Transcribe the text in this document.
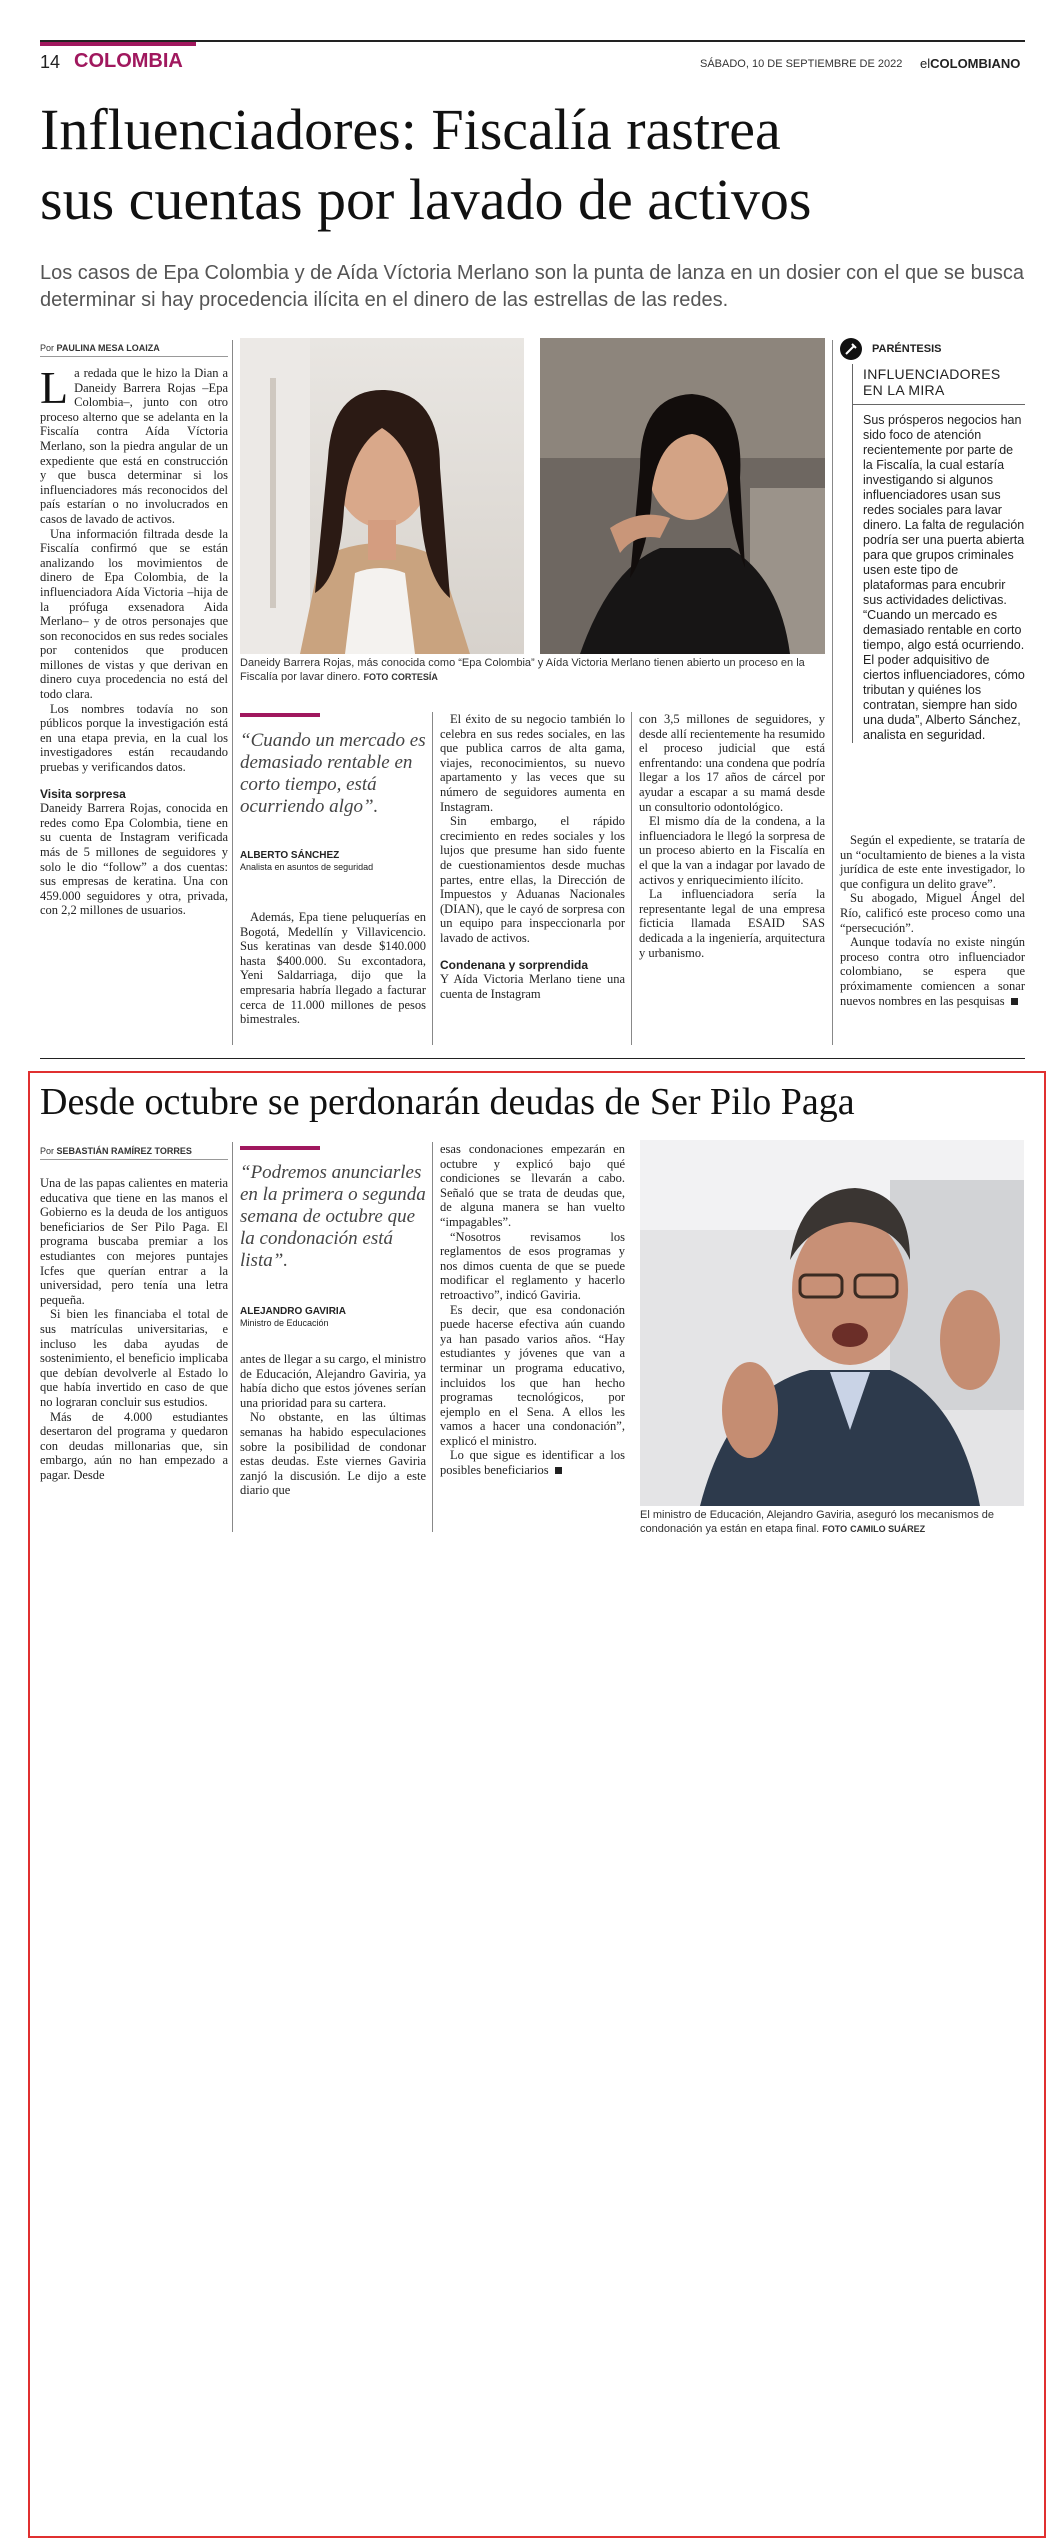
14 COLOMBIA	SÁBADO, 10 DE SEPTIEMBRE DE 2022 elCOLOMBIANO
Influenciadores: Fiscalía rastrea
sus cuentas por lavado de activos
Los casos de Epa Colombia y de Aída Víctoria Merlano son la punta de lanza en un dosier con el que se busca determinar si hay procedencia ilícita en el dinero de las estrellas de las redes.
Por PAULINA MESA LOAIZA

La redada que le hizo la Dian a Daneidy Barrera Rojas –Epa Colombia–, junto con otro proceso alterno que se adelanta en la Fiscalía contra Aída Víctoria Merlano, son la piedra angular de un expediente que está en construcción y que busca determinar si los influenciadores más reconocidos del país estarían o no involucrados en casos de lavado de activos.

Una información filtrada desde la Fiscalía confirmó que se están analizando los movimientos de dinero de Epa Colombia, de la influenciadora Aída Victoria –hija de la prófuga exsenadora Aida Merlano– y de otros personajes que son reconocidos en sus redes sociales por contenidos que producen millones de vistas y que derivan en dinero cuya procedencia no está del todo clara.

Los nombres todavía no son públicos porque la investigación está en una etapa previa, en la cual los investigadores están recaudando pruebas y verificandos datos.

Visita sorpresa

Daneidy Barrera Rojas, conocida en redes como Epa Colombia, tiene en su cuenta de Instagram verificada más de 5 millones de seguidores y solo le dio “follow” a dos cuentas: sus empresas de keratina. Una con 459.000 seguidores y otra, privada, con 2,2 millones de usuarios.

Daneidy Barrera Rojas, más conocida como “Epa Colombia” y Aída Victoria Merlano tienen abierto un proceso en la Fiscalía por lavar dinero. FOTO CORTESÍA
“Cuando un mercado es demasiado rentable en corto tiempo, está ocurriendo algo”.
ALBERTO SÁNCHEZ
Analista en asuntos de seguridad

Además, Epa tiene peluquerías en Bogotá, Medellín y Villavicencio. Sus keratinas van desde $140.000 hasta $400.000. Su excontadora, Yeni Saldarriaga, dijo que la empresaria habría llegado a facturar cerca de 11.000 millones de pesos bimestrales.

El éxito de su negocio también lo celebra en sus redes sociales, en las que publica carros de alta gama, viajes, reconocimientos, su nuevo apartamento y las veces que su número de seguidores aumenta en Instagram.

Sin embargo, el rápido crecimiento en redes sociales y los lujos que presume han sido fuente de cuestionamientos desde muchas partes, entre ellas, la Dirección de Impuestos y Aduanas Nacionales (DIAN), que le cayó de sorpresa con un equipo para inspeccionarla por lavado de activos.

Condenana y sorprendida

Y Aída Victoria Merlano tiene una cuenta de Instagram

con 3,5 millones de seguidores, y desde allí recientemente ha resumido el proceso judicial que está enfrentando: una condena que podría llegar a los 17 años de cárcel por ayudar a escapar a su mamá desde un consultorio odontológico.

El mismo día de la condena, a la influenciadora le llegó la sorpresa de un proceso abierto en la Fiscalía en el que la van a indagar por lavado de activos y enriquecimiento ilícito.

La influenciadora sería la representante legal de una empresa ficticia llamada ESAID SAS dedicada a la ingeniería, arquitectura y urbanismo.

PARÉNTESIS
INFLUENCIADORES
EN LA MIRA
Sus prósperos negocios han sido foco de atención recientemente por parte de la Fiscalía, la cual estaría investigando si algunos influenciadores usan sus redes sociales para lavar dinero. La falta de regulación podría ser una puerta abierta para que grupos criminales usen este tipo de plataformas para encubrir sus actividades delictivas. “Cuando un mercado es demasiado rentable en corto tiempo, algo está ocurriendo. El poder adquisitivo de ciertos influenciadores, cómo tributan y quiénes los contratan, siempre han sido una duda”, Alberto Sánchez, analista en seguridad.

Según el expediente, se trataría de un “ocultamiento de bienes a la vista jurídica de este ente investigador, lo que configura un delito grave”.

Su abogado, Miguel Ángel del Río, calificó este proceso como una “persecución”.

Aunque todavía no existe ningún proceso contra otro influenciador colombiano, se espera que próximamente comiencen a sonar nuevos nombres en las pesquisas

Desde octubre se perdonarán deudas de Ser Pilo Paga
Por SEBASTIÁN RAMÍREZ TORRES

Una de las papas calientes en materia educativa que tiene en las manos el Gobierno es la deuda de los antiguos beneficiarios de Ser Pilo Paga. El programa buscaba premiar a los estudiantes con mejores puntajes Icfes que querían entrar a la universidad, pero tenía una letra pequeña.

Si bien les financiaba el total de sus matrículas universitarias, e incluso les daba ayudas de sostenimiento, el beneficio implicaba que debían devolverle al Estado lo que había invertido en caso de que no lograran concluir sus estudios.

Más de 4.000 estudiantes desertaron del programa y quedaron con deudas millonarias que, sin embargo, aún no han empezado a pagar. Desde

“Podremos anunciarles en la primera o segunda semana de octubre que la condonación está lista”.
ALEJANDRO GAVIRIA
Ministro de Educación

antes de llegar a su cargo, el ministro de Educación, Alejandro Gaviria, ya había dicho que estos jóvenes serían una prioridad para su cartera.

No obstante, en las últimas semanas ha habido especulaciones sobre la posibilidad de condonar estas deudas. Este viernes Gaviria zanjó la discusión. Le dijo a este diario que

esas condonaciones empezarán en octubre y explicó bajo qué condiciones se llevarán a cabo. Señaló que se trata de deudas que, de alguna manera se han vuelto “impagables”.

“Nosotros revisamos los reglamentos de esos programas y nos dimos cuenta de que se puede modificar el reglamento y hacerlo retroactivo”, indicó Gaviria.

Es decir, que esa condonación puede hacerse efectiva aún cuando ya han pasado varios años. “Hay estudiantes y jóvenes que van a terminar un programa educativo, incluidos los que han hecho programas tecnológicos, por ejemplo en el Sena. A ellos les vamos a hacer una condonación”, explicó el ministro.

Lo que sigue es identificar a los posibles beneficiarios

El ministro de Educación, Alejandro Gaviria, aseguró los mecanismos de condonación ya están en etapa final. FOTO CAMILO SUÁREZ
